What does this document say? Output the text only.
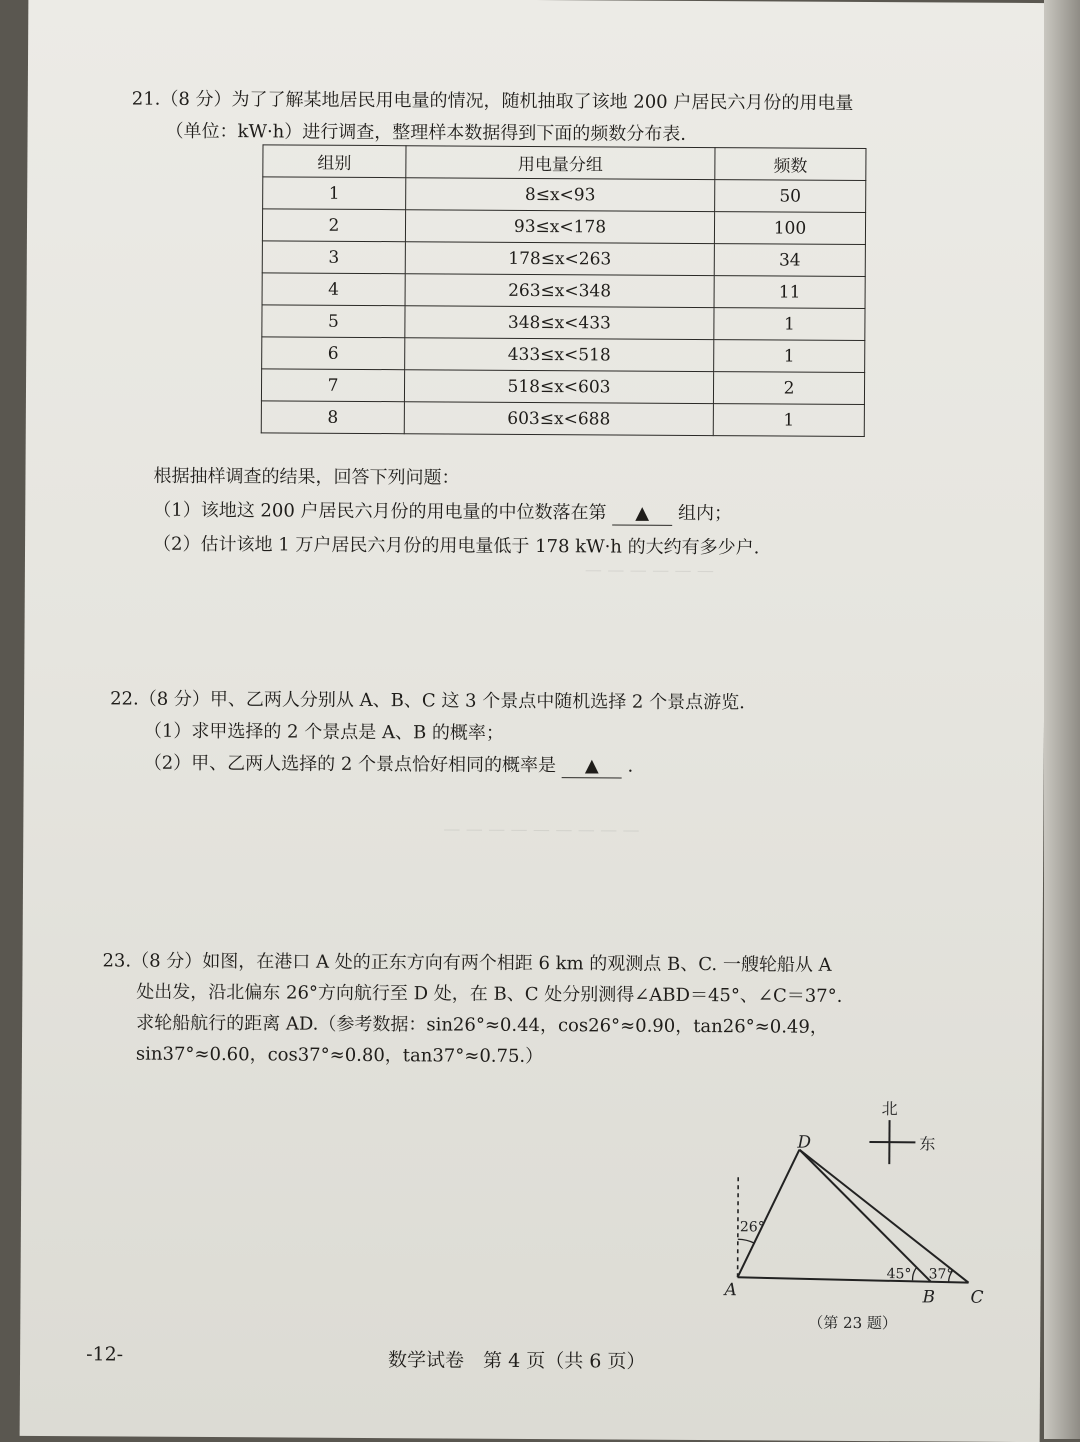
— — — — — —
— — — — — — — — —

21.（8 分）为了了解某地居民用电量的情况，随机抽取了该地 200 户居民六月份的用电量

（单位：kW·h）进行调查，整理样本数据得到下面的频数分布表.

组别	用电量分组	频数
1	8≤x<93	50
2	93≤x<178	100
3	178≤x<263	34
4	263≤x<348	11
5	348≤x<433	1
6	433≤x<518	1
7	518≤x<603	2
8	603≤x<688	1

根据抽样调查的结果，回答下列问题：

（1）该地这 200 户居民六月份的用电量的中位数落在第 ▲ 组内；

（2）估计该地 1 万户居民六月份的用电量低于 178 kW·h 的大约有多少户.

22.（8 分）甲、乙两人分别从 A、B、C 这 3 个景点中随机选择 2 个景点游览.

（1）求甲选择的 2 个景点是 A、B 的概率；

（2）甲、乙两人选择的 2 个景点恰好相同的概率是 ▲ .

23.（8 分）如图，在港口 A 处的正东方向有两个相距 6 km 的观测点 B、C. 一艘轮船从 A

处出发，沿北偏东 26°方向航行至 D 处，在 B、C 处分别测得∠ABD＝45°、∠C＝37°.

求轮船航行的距离 AD.（参考数据：sin26°≈0.44，cos26°≈0.90，tan26°≈0.49，

sin37°≈0.60，cos37°≈0.80，tan37°≈0.75.）

北
东
D
A	B C
26°
45° 37°
（第 23 题）
-12-	数学试卷　第 4 页（共 6 页）
